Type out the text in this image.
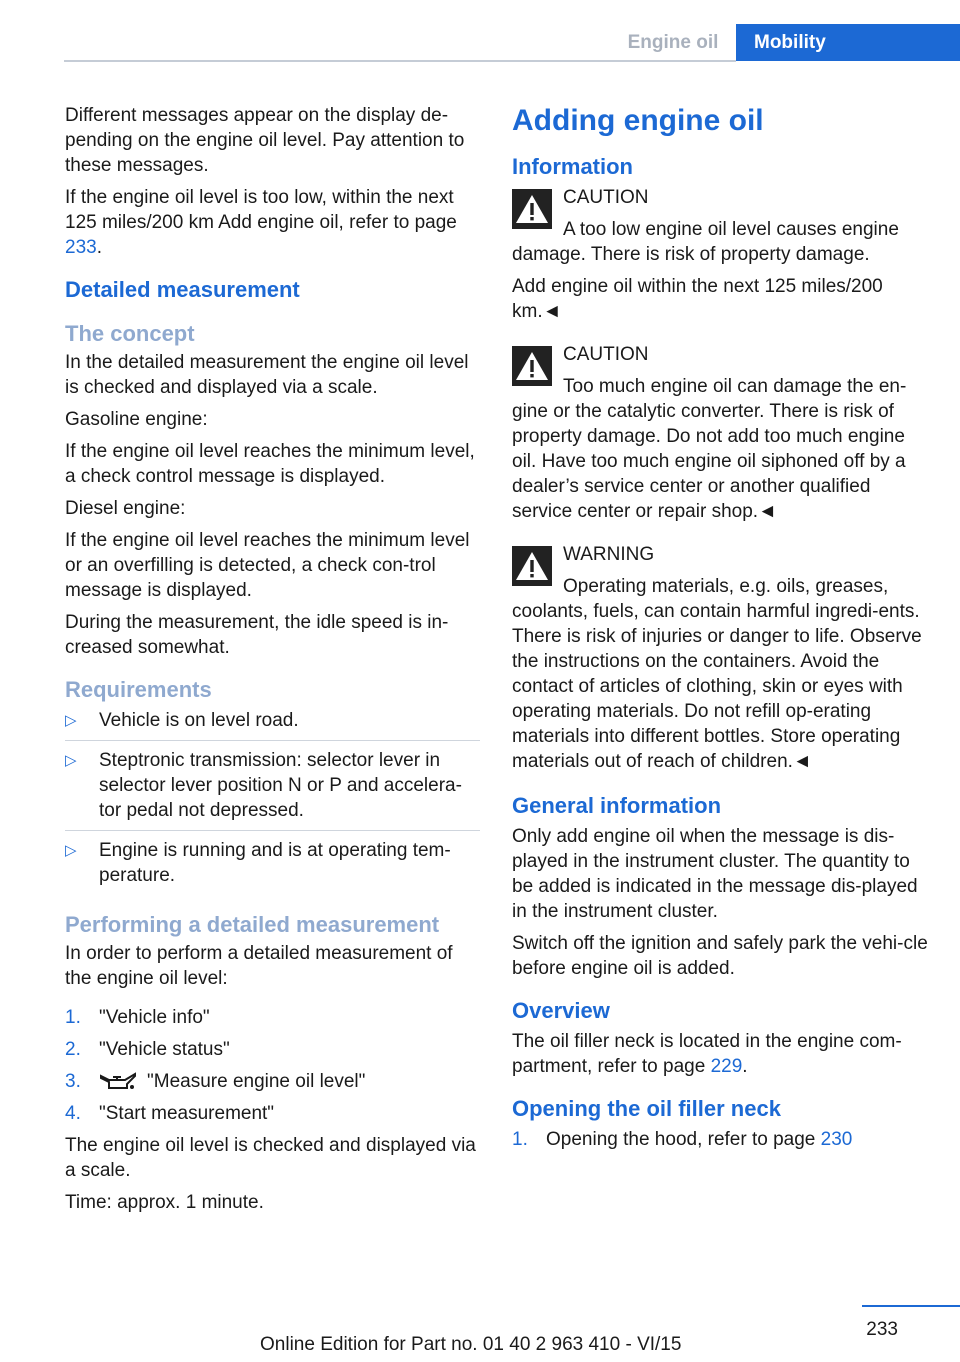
Engine oil	Mobility

Different messages appear on the display de-pending on the engine oil level. Pay attention to these messages.

If the engine oil level is too low, within the next 125 miles/200 km Add engine oil, refer to page 233.

Detailed measurement
The concept

In the detailed measurement the engine oil level is checked and displayed via a scale.

Gasoline engine:

If the engine oil level reaches the minimum level, a check control message is displayed.

Diesel engine:

If the engine oil level reaches the minimum level or an overfilling is detected, a check con-trol message is displayed.

During the measurement, the idle speed is in-creased somewhat.

Requirements
▷ Vehicle is on level road.
▷ Steptronic transmission: selector lever in selector lever position N or P and accelera-tor pedal not depressed.
▷ Engine is running and is at operating tem-perature.
Performing a detailed measurement

In order to perform a detailed measurement of the engine oil level:

1. "Vehicle info"
2. "Vehicle status"
3.	"Measure engine oil level"
4. "Start measurement"

The engine oil level is checked and displayed via a scale.

Time: approx. 1 minute.

Adding engine oil
Information
CAUTION
A too low engine oil level causes engine damage. There is risk of property damage.

Add engine oil within the next 125 miles/200 km.◄

CAUTION
Too much engine oil can damage the en-gine or the catalytic converter. There is risk of property damage. Do not add too much engine oil. Have too much engine oil siphoned off by a dealer’s service center or another qualified service center or repair shop.◄
WARNING
Operating materials, e.g. oils, greases, coolants, fuels, can contain harmful ingredi-ents. There is risk of injuries or danger to life. Observe the instructions on the containers. Avoid the contact of articles of clothing, skin or eyes with operating materials. Do not refill op-erating materials into different bottles. Store operating materials out of reach of children.◄
General information

Only add engine oil when the message is dis-played in the instrument cluster. The quantity to be added is indicated in the message dis-played in the instrument cluster.

Switch off the ignition and safely park the vehi-cle before engine oil is added.

Overview

The oil filler neck is located in the engine com-partment, refer to page 229.

Opening the oil filler neck
1. Opening the hood, refer to page 230
233
Online Edition for Part no. 01 40 2 963 410 - VI/15
